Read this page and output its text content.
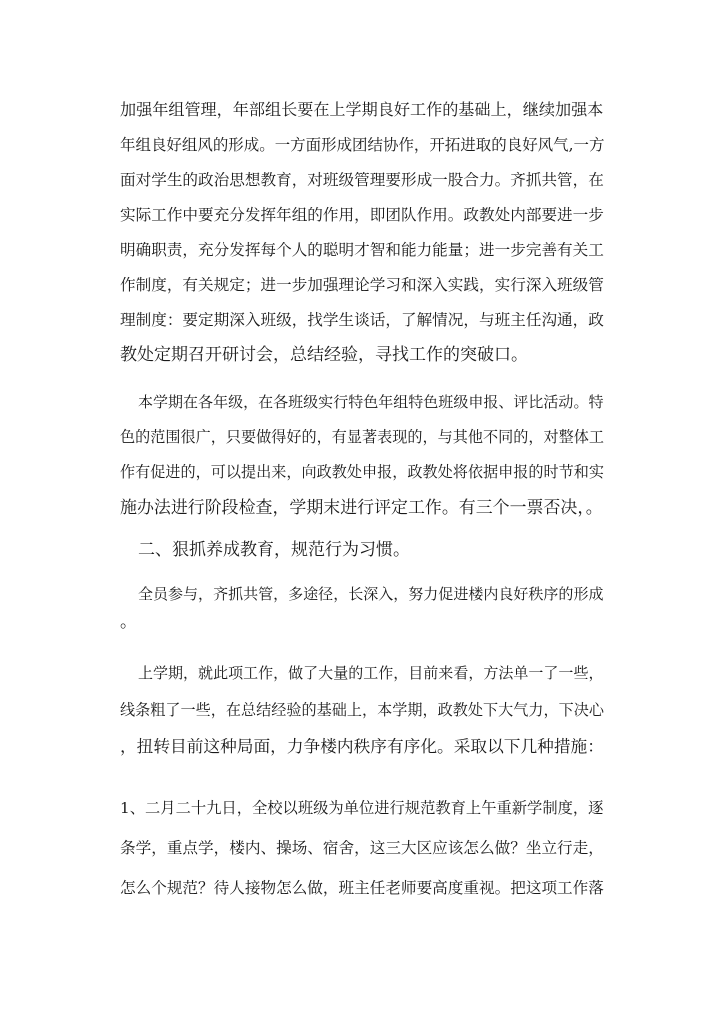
加强年组管理，年部组长要在上学期良好工作的基础上，继续加强本
年组良好组风的形成。一方面形成团结协作，开拓进取的良好风气,一方
面对学生的政治思想教育，对班级管理要形成一股合力。齐抓共管，在
实际工作中要充分发挥年组的作用，即团队作用。政教处内部要进一步
明确职责，充分发挥每个人的聪明才智和能力能量；进一步完善有关工
作制度，有关规定；进一步加强理论学习和深入实践，实行深入班级管
理制度：要定期深入班级，找学生谈话，了解情况，与班主任沟通，政
教处定期召开研讨会，总结经验，寻找工作的突破口。
本学期在各年级，在各班级实行特色年组特色班级申报、评比活动。特
色的范围很广，只要做得好的，有显著表现的，与其他不同的，对整体工
作有促进的，可以提出来，向政教处申报，政教处将依据申报的时节和实
施办法进行阶段检查，学期末进行评定工作。有三个一票否决，。
二、狠抓养成教育，规范行为习惯。
全员参与，齐抓共管，多途径，长深入，努力促进楼内良好秩序的形成
。
上学期，就此项工作，做了大量的工作，目前来看，方法单一了一些，
线条粗了一些，在总结经验的基础上，本学期，政教处下大气力，下决心
，扭转目前这种局面，力争楼内秩序有序化。采取以下几种措施：
1、二月二十九日，全校以班级为单位进行规范教育上午重新学制度，逐
条学，重点学，楼内、操场、宿舍，这三大区应该怎么做？坐立行走，
怎么个规范？待人接物怎么做，班主任老师要高度重视。把这项工作落
